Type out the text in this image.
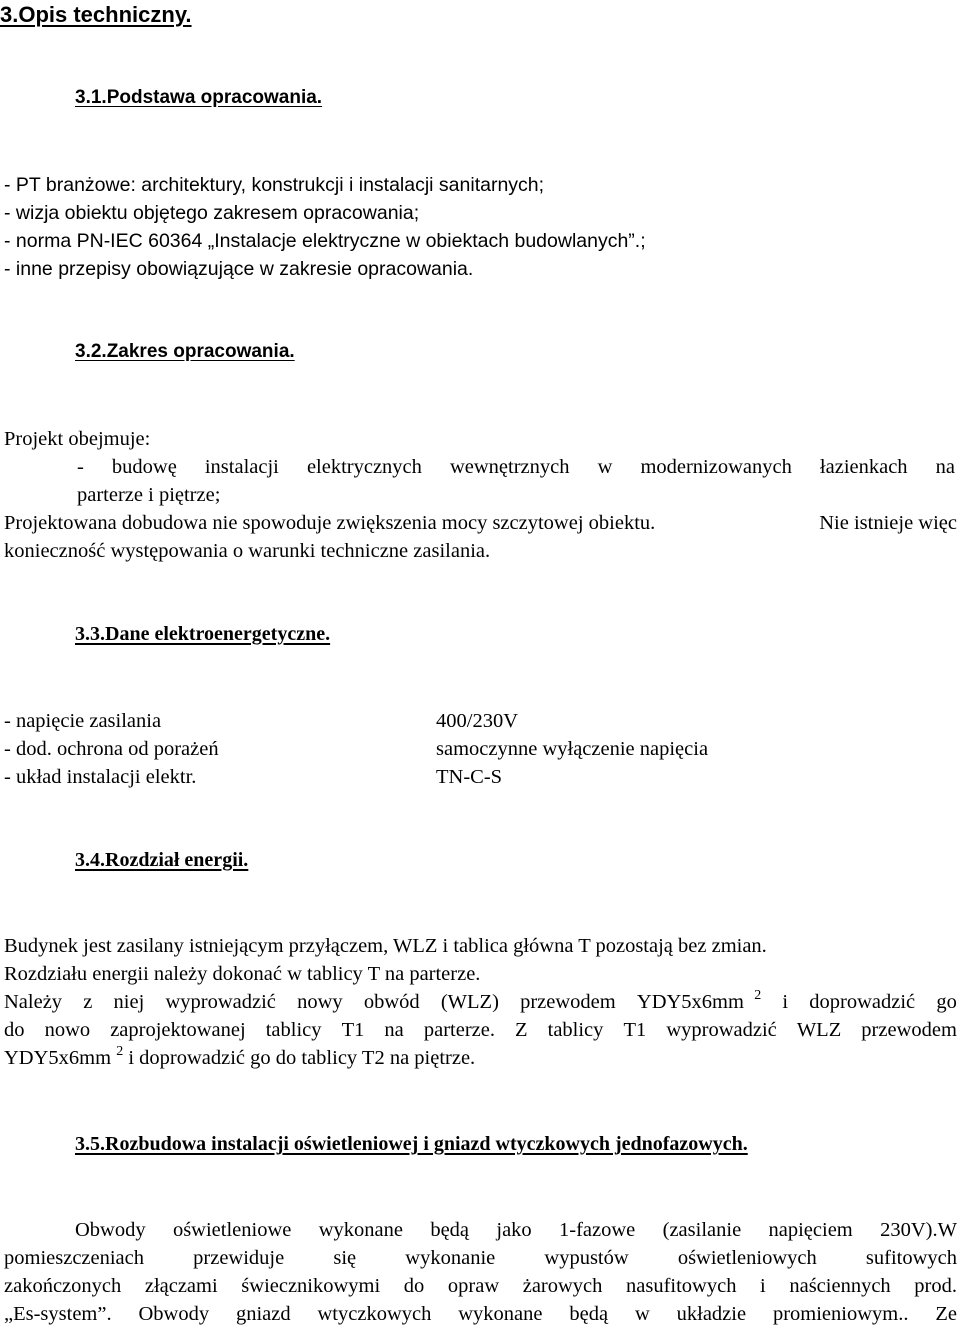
3.Opis techniczny.
3.1.Podstawa opracowania.
- PT branżowe: architektury, konstrukcji i instalacji sanitarnych;
- wizja obiektu objętego zakresem opracowania;
- norma PN-IEC 60364 „Instalacje elektryczne w obiektach budowlanych”.;
- inne przepisy obowiązujące w zakresie opracowania.
3.2.Zakres opracowania.
Projekt obejmuje:
- budowę instalacji elektrycznych wewnętrznych w modernizowanych łazienkach na
parterze i piętrze;
Projektowana dobudowa nie spowoduje zwiększenia mocy szczytowej obiektu.	Nie istnieje więc
konieczność występowania o warunki techniczne zasilania.
3.3.Dane elektroenergetyczne.
- napięcie zasilania	400/230V
- dod. ochrona od porażeń	samoczynne wyłączenie napięcia
- układ instalacji elektr.	TN-C-S
3.4.Rozdział energii.
Budynek jest zasilany istniejącym przyłączem, WLZ i tablica główna T pozostają bez zmian.
Rozdziału energii należy dokonać w tablicy T na parterze.
Należy z niej wyprowadzić nowy obwód (WLZ) przewodem YDY5x6mm $^2$ i doprowadzić go
do nowo zaprojektowanej tablicy T1 na parterze. Z tablicy T1 wyprowadzić WLZ przewodem
YDY5x6mm $^2$ i doprowadzić go do tablicy T2 na piętrze.
3.5.Rozbudowa instalacji oświetleniowej i gniazd wtyczkowych jednofazowych.
Obwody oświetleniowe wykonane będą jako 1-fazowe (zasilanie napięciem 230V).W
pomieszczeniach przewiduje się wykonanie wypustów oświetleniowych sufitowych
zakończonych złączami świecznikowymi do opraw żarowych nasufitowych i naściennych prod.
„Es-system”. Obwody gniazd wtyczkowych wykonane będą w układzie promieniowym.. Ze
